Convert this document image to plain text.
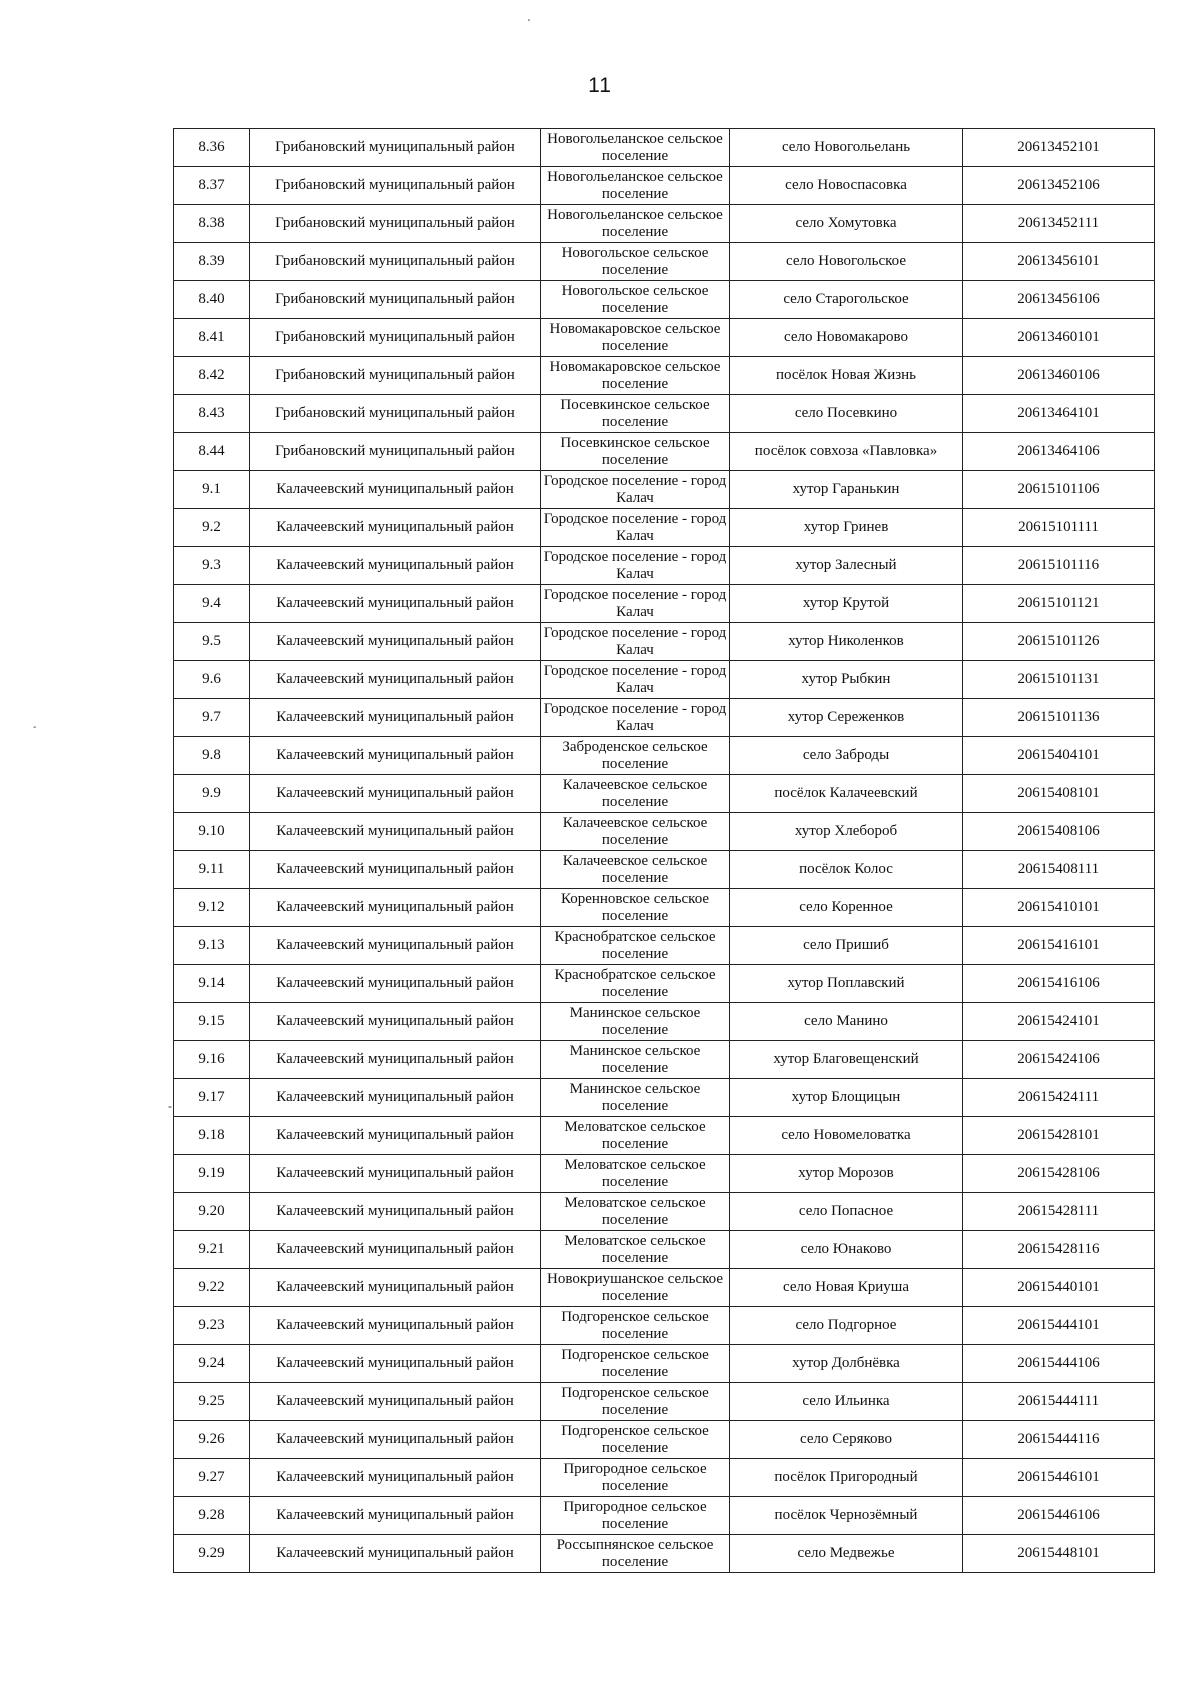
11
'
-
-
8.36	Грибановский муниципальный район	Новогольеланское сельское поселение	село Новогольелань	20613452101
8.37	Грибановский муниципальный район	Новогольеланское сельское поселение	село Новоспасовка	20613452106
8.38	Грибановский муниципальный район	Новогольеланское сельское поселение	село Хомутовка	20613452111
8.39	Грибановский муниципальный район	Новогольское сельское поселение	село Новогольское	20613456101
8.40	Грибановский муниципальный район	Новогольское сельское поселение	село Старогольское	20613456106
8.41	Грибановский муниципальный район	Новомакаровское сельское поселение	село Новомакарово	20613460101
8.42	Грибановский муниципальный район	Новомакаровское сельское поселение	посёлок Новая Жизнь	20613460106
8.43	Грибановский муниципальный район	Посевкинское сельское поселение	село Посевкино	20613464101
8.44	Грибановский муниципальный район	Посевкинское сельское поселение	посёлок совхоза «Павловка»	20613464106
9.1	Калачеевский муниципальный район	Городское поселение - город Калач	хутор Гаранькин	20615101106
9.2	Калачеевский муниципальный район	Городское поселение - город Калач	хутор Гринев	20615101111
9.3	Калачеевский муниципальный район	Городское поселение - город Калач	хутор Залесный	20615101116
9.4	Калачеевский муниципальный район	Городское поселение - город Калач	хутор Крутой	20615101121
9.5	Калачеевский муниципальный район	Городское поселение - город Калач	хутор Николенков	20615101126
9.6	Калачеевский муниципальный район	Городское поселение - город Калач	хутор Рыбкин	20615101131
9.7	Калачеевский муниципальный район	Городское поселение - город Калач	хутор Сереженков	20615101136
9.8	Калачеевский муниципальный район	Заброденское сельское поселение	село Заброды	20615404101
9.9	Калачеевский муниципальный район	Калачеевское сельское поселение	посёлок Калачеевский	20615408101
9.10	Калачеевский муниципальный район	Калачеевское сельское поселение	хутор Хлебороб	20615408106
9.11	Калачеевский муниципальный район	Калачеевское сельское поселение	посёлок Колос	20615408111
9.12	Калачеевский муниципальный район	Коренновское сельское поселение	село Коренное	20615410101
9.13	Калачеевский муниципальный район	Краснобратское сельское поселение	село Пришиб	20615416101
9.14	Калачеевский муниципальный район	Краснобратское сельское поселение	хутор Поплавский	20615416106
9.15	Калачеевский муниципальный район	Манинское сельское поселение	село Манино	20615424101
9.16	Калачеевский муниципальный район	Манинское сельское поселение	хутор Благовещенский	20615424106
9.17	Калачеевский муниципальный район	Манинское сельское поселение	хутор Блощицын	20615424111
9.18	Калачеевский муниципальный район	Меловатское сельское поселение	село Новомеловатка	20615428101
9.19	Калачеевский муниципальный район	Меловатское сельское поселение	хутор Морозов	20615428106
9.20	Калачеевский муниципальный район	Меловатское сельское поселение	село Попасное	20615428111
9.21	Калачеевский муниципальный район	Меловатское сельское поселение	село Юнаково	20615428116
9.22	Калачеевский муниципальный район	Новокриушанское сельское поселение	село Новая Криуша	20615440101
9.23	Калачеевский муниципальный район	Подгоренское сельское поселение	село Подгорное	20615444101
9.24	Калачеевский муниципальный район	Подгоренское сельское поселение	хутор Долбнёвка	20615444106
9.25	Калачеевский муниципальный район	Подгоренское сельское поселение	село Ильинка	20615444111
9.26	Калачеевский муниципальный район	Подгоренское сельское поселение	село Серяково	20615444116
9.27	Калачеевский муниципальный район	Пригородное сельское поселение	посёлок Пригородный	20615446101
9.28	Калачеевский муниципальный район	Пригородное сельское поселение	посёлок Чернозёмный	20615446106
9.29	Калачеевский муниципальный район	Россыпнянское сельское поселение	село Медвежье	20615448101
